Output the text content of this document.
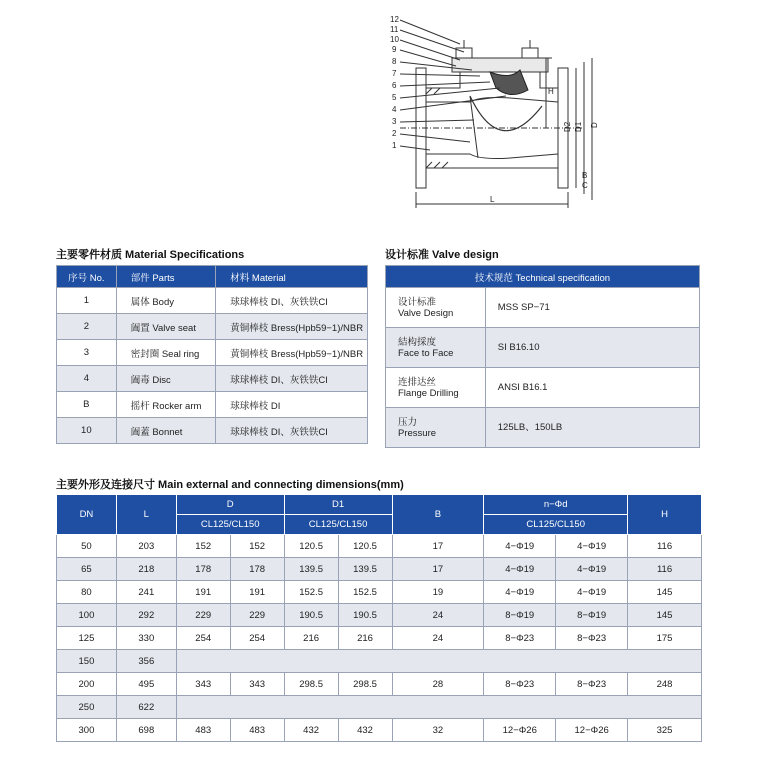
12
11
10
9
8
7
6
5
4
3
2
1
L
H
D2 D1 D
C
B
主要零件材质 Material Specifications
序号 No.	部件 Parts	材料 Material
1	属体 Body	球球棒枝 DI、灰铁铁CI
2	阖置 Valve seat	黄铜棒枝 Bress(Hpb59−1)/NBR
3	密封圈 Seal ring	黄铜棒枝 Bress(Hpb59−1)/NBR
4	阖毒 Disc	球球棒枝 DI、灰铁铁CI
B	摇杆 Rocker arm	球球棒枝 DI
10	阖蓋 Bonnet	球球棒枝 DI、灰铁铁CI
设计标准 Valve design
技术规范 Technical specification	

设计标准
Valve Design	MSS SP−71

結构採度
Face to Face	SI B16.10

连排达丝
Flange Drilling	ANSI B16.1

压力
Pressure	125LB、150LB
主要外形及连接尺寸 Main external and connecting dimensions(mm)
DN	L	D		D1		B	n−Φd		H
		CL125/CL150		CL125/CL150			CL125/CL150		
50	203	152	152	120.5	120.5	17	4−Φ19	4−Φ19	116
65	218	178	178	139.5	139.5	17	4−Φ19	4−Φ19	116
80	241	191	191	152.5	152.5	19	4−Φ19	4−Φ19	145
100	292	229	229	190.5	190.5	24	8−Φ19	8−Φ19	145
125	330	254	254	216	216	24	8−Φ23	8−Φ23	175
150	356								
200	495	343	343	298.5	298.5	28	8−Φ23	8−Φ23	248
250	622								
300	698	483	483	432	432	32	12−Φ26	12−Φ26	325
